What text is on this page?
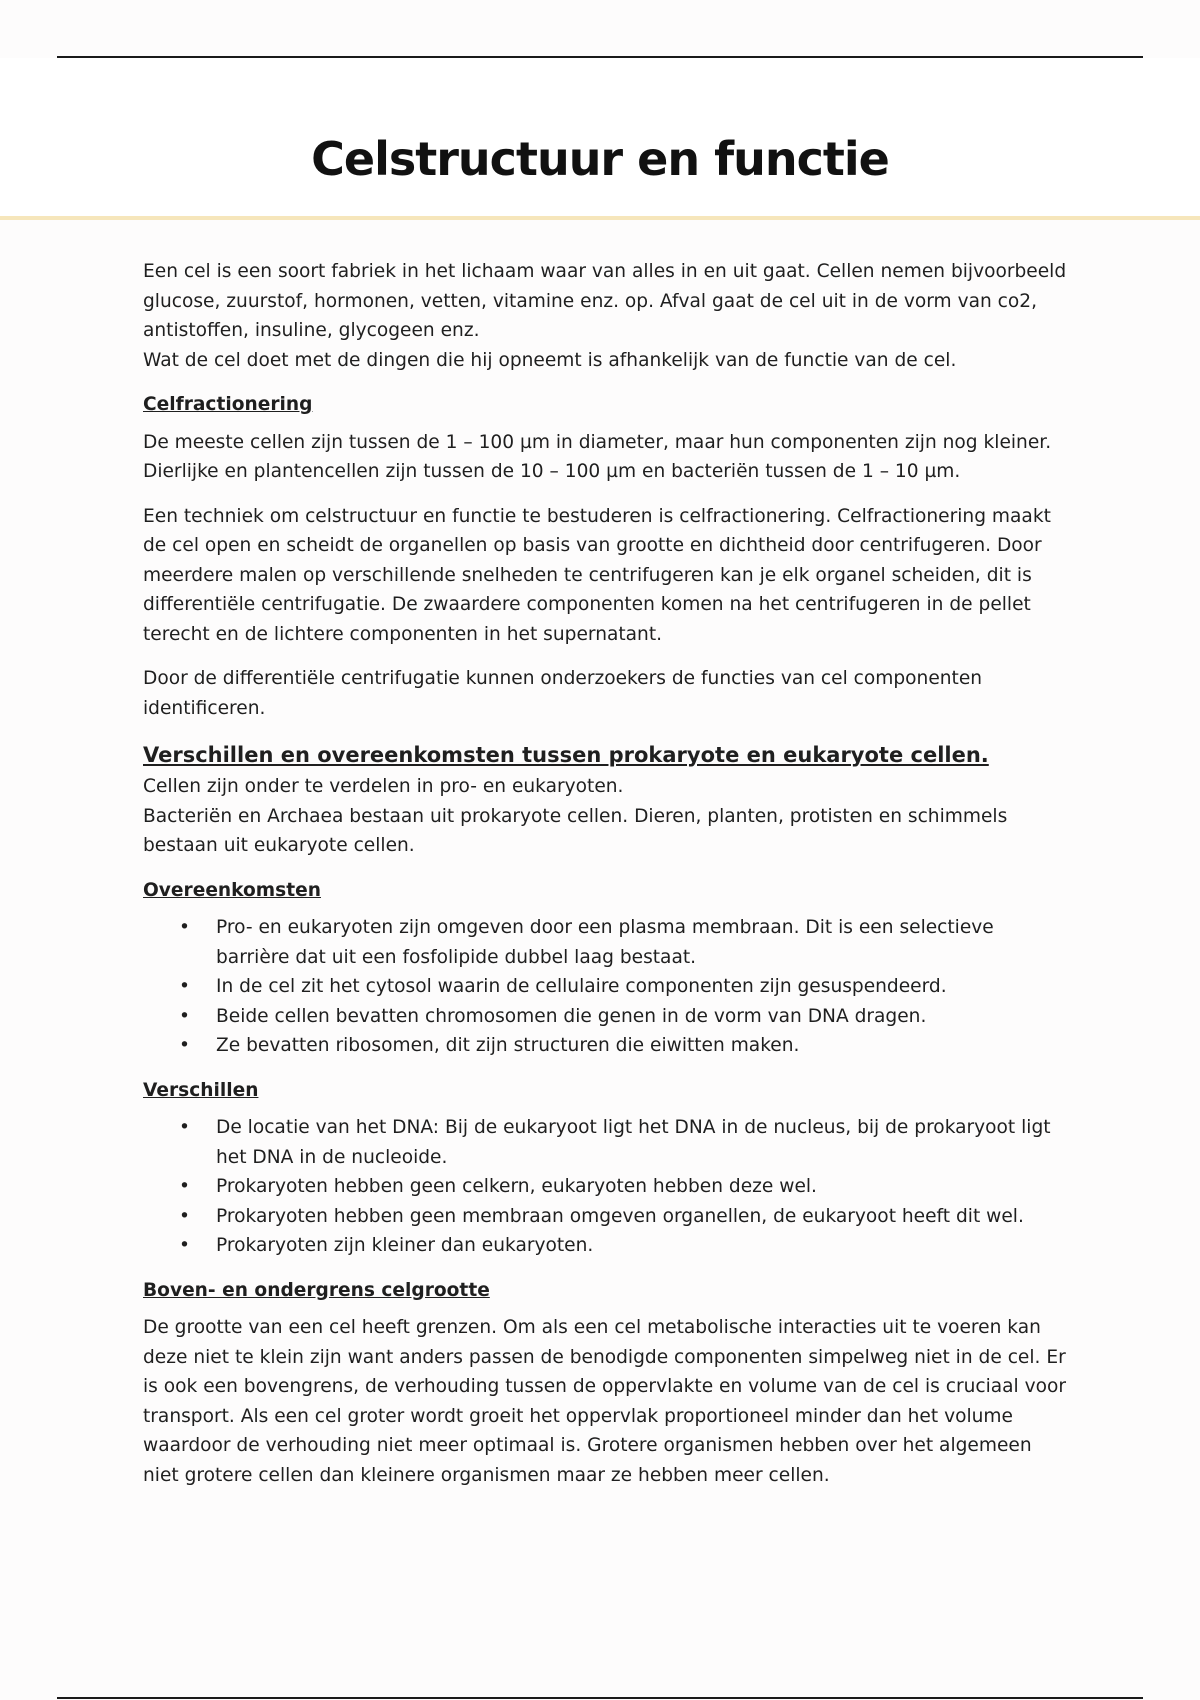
Celstructuur en functie

Een cel is een soort fabriek in het lichaam waar van alles in en uit gaat. Cellen nemen bijvoorbeeld glucose, zuurstof, hormonen, vetten, vitamine enz. op. Afval gaat de cel uit in de vorm van co2, antistoffen, insuline, glycogeen enz.

Wat de cel doet met de dingen die hij opneemt is afhankelijk van de functie van de cel.

Celfractionering

De meeste cellen zijn tussen de 1 – 100 µm in diameter, maar hun componenten zijn nog kleiner. Dierlijke en plantencellen zijn tussen de 10 – 100 µm en bacteriën tussen de 1 – 10 µm.

Een techniek om celstructuur en functie te bestuderen is celfractionering. Celfractionering maakt de cel open en scheidt de organellen op basis van grootte en dichtheid door centrifugeren. Door meerdere malen op verschillende snelheden te centrifugeren kan je elk organel scheiden, dit is differentiële centrifugatie. De zwaardere componenten komen na het centrifugeren in de pellet terecht en de lichtere componenten in het supernatant.

Door de differentiële centrifugatie kunnen onderzoekers de functies van cel componenten identificeren.

Verschillen en overeenkomsten tussen prokaryote en eukaryote cellen.

Cellen zijn onder te verdelen in pro- en eukaryoten.

Bacteriën en Archaea bestaan uit prokaryote cellen. Dieren, planten, protisten en schimmels bestaan uit eukaryote cellen.

Overeenkomsten

• Pro- en eukaryoten zijn omgeven door een plasma membraan. Dit is een selectieve barrière dat uit een fosfolipide dubbel laag bestaat.
• In de cel zit het cytosol waarin de cellulaire componenten zijn gesuspendeerd.
• Beide cellen bevatten chromosomen die genen in de vorm van DNA dragen.
• Ze bevatten ribosomen, dit zijn structuren die eiwitten maken.

Verschillen

• De locatie van het DNA: Bij de eukaryoot ligt het DNA in de nucleus, bij de prokaryoot ligt het DNA in de nucleoide.
• Prokaryoten hebben geen celkern, eukaryoten hebben deze wel.
• Prokaryoten hebben geen membraan omgeven organellen, de eukaryoot heeft dit wel.
• Prokaryoten zijn kleiner dan eukaryoten.

Boven- en ondergrens celgrootte

De grootte van een cel heeft grenzen. Om als een cel metabolische interacties uit te voeren kan deze niet te klein zijn want anders passen de benodigde componenten simpelweg niet in de cel. Er is ook een bovengrens, de verhouding tussen de oppervlakte en volume van de cel is cruciaal voor transport. Als een cel groter wordt groeit het oppervlak proportioneel minder dan het volume waardoor de verhouding niet meer optimaal is. Grotere organismen hebben over het algemeen niet grotere cellen dan kleinere organismen maar ze hebben meer cellen.
